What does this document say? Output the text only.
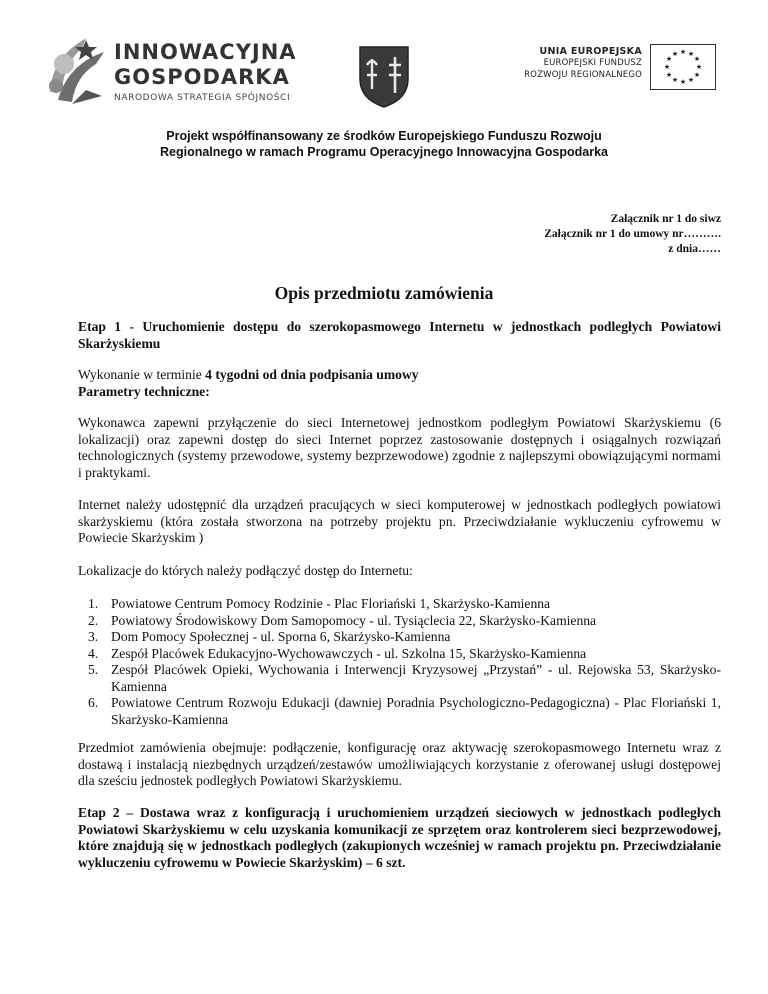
INNOWACYJNA
GOSPODARKA
NARODOWA STRATEGIA SPÓJNOŚCI
UNIA EUROPEJSKA
EUROPEJSKI FUNDUSZ
ROZWOJU REGIONALNEGO
★ ★
★
★
★
★
★
★
★
★
★
★
Projekt współfinansowany ze środków Europejskiego Funduszu Rozwoju
Regionalnego w ramach Programu Operacyjnego Innowacyjna Gospodarka
Załącznik nr 1 do siwz
Załącznik nr 1 do umowy nr……….
z dnia……
Opis przedmiotu zamówienia
Etap 1 - Uruchomienie dostępu do szerokopasmowego Internetu w jednostkach podległych Powiatowi Skarżyskiemu
Wykonanie w terminie 4 tygodni od dnia podpisania umowy
Parametry techniczne:
Wykonawca zapewni przyłączenie do sieci Internetowej jednostkom podległym Powiatowi Skarżyskiemu (6 lokalizacji) oraz zapewni dostęp do sieci Internet poprzez zastosowanie dostępnych i osiągalnych rozwiązań technologicznych (systemy przewodowe, systemy bezprzewodowe) zgodnie z najlepszymi obowiązującymi normami i praktykami.
Internet należy udostępnić dla urządzeń pracujących w sieci komputerowej w jednostkach podległych powiatowi skarżyskiemu (która została stworzona na potrzeby projektu pn. Przeciwdziałanie wykluczeniu cyfrowemu w Powiecie Skarżyskim )
Lokalizacje do których należy podłączyć dostęp do Internetu:
1. Powiatowe Centrum Pomocy Rodzinie - Plac Floriański 1, Skarżysko-Kamienna
2. Powiatowy Środowiskowy Dom Samopomocy - ul. Tysiąclecia 22, Skarżysko-Kamienna
3. Dom Pomocy Społecznej - ul. Sporna 6, Skarżysko-Kamienna
4. Zespół Placówek Edukacyjno-Wychowawczych - ul. Szkolna 15, Skarżysko-Kamienna
5. Zespół Placówek Opieki, Wychowania i Interwencji Kryzysowej „Przystań” - ul. Rejowska 53, Skarżysko-Kamienna
6. Powiatowe Centrum Rozwoju Edukacji (dawniej Poradnia Psychologiczno-Pedagogiczna) - Plac Floriański 1, Skarżysko-Kamienna
Przedmiot zamówienia obejmuje: podłączenie, konfigurację oraz aktywację szerokopasmowego Internetu wraz z dostawą i instalacją niezbędnych urządzeń/zestawów umożliwiających korzystanie z oferowanej usługi dostępowej dla sześciu jednostek podległych Powiatowi Skarżyskiemu.
Etap 2 – Dostawa wraz z konfiguracją i uruchomieniem urządzeń sieciowych w jednostkach podległych Powiatowi Skarżyskiemu w celu uzyskania komunikacji ze sprzętem oraz kontrolerem sieci bezprzewodowej, które znajdują się w jednostkach podległych (zakupionych wcześniej w ramach projektu pn. Przeciwdziałanie wykluczeniu cyfrowemu w Powiecie Skarżyskim) – 6 szt.
